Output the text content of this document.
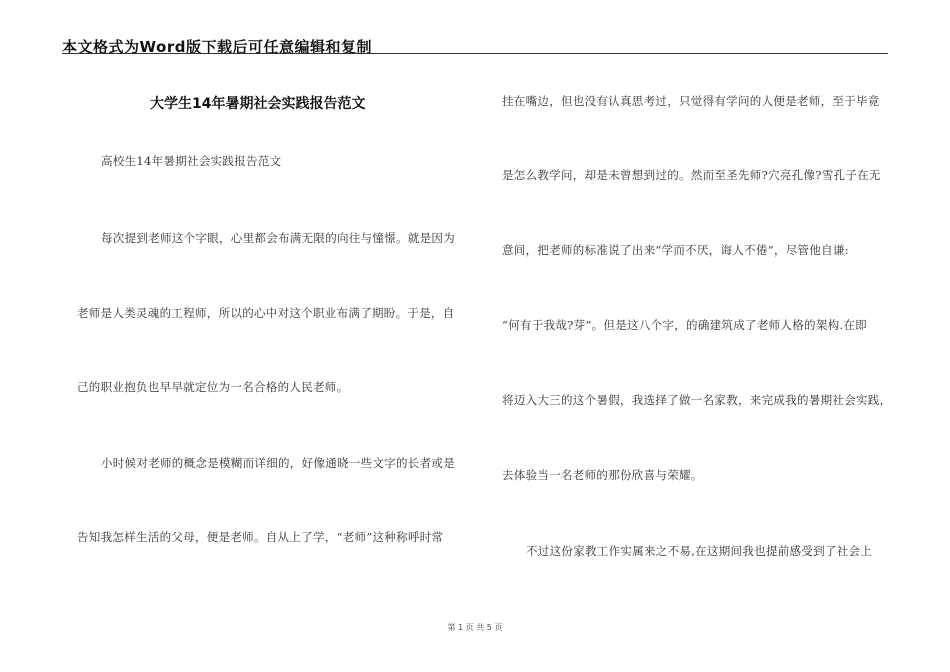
本文格式为Word版下载后可任意编辑和复制
大学生14年暑期社会实践报告范文
高校生14年暑期社会实践报告范文
每次提到老师这个字眼，心里都会布满无限的向往与憧憬。就是因为
老师是人类灵魂的工程师，所以的心中对这个职业布满了期盼。于是，自
己的职业抱负也早早就定位为一名合格的人民老师。
小时候对老师的概念是模糊而详细的，好像通晓一些文字的长者或是
告知我怎样生活的父母，便是老师。自从上了学，“老师”这种称呼时常
挂在嘴边，但也没有认真思考过，只觉得有学问的人便是老师，至于毕竟
是怎么教学问，却是未曾想到过的。然而至圣先师?穴亮孔像?雪孔子在无
意间，把老师的标准说了出来“学而不厌，诲人不倦”，尽管他自谦:
“何有于我哉?芽”。但是这八个字，的确建筑成了老师人格的架构.在即
将迈入大三的这个暑假，我选择了做一名家教，来完成我的暑期社会实践，
去体验当一名老师的那份欣喜与荣耀。
不过这份家教工作实属来之不易,在这期间我也提前感受到了社会上
第 1 页 共 5 页
